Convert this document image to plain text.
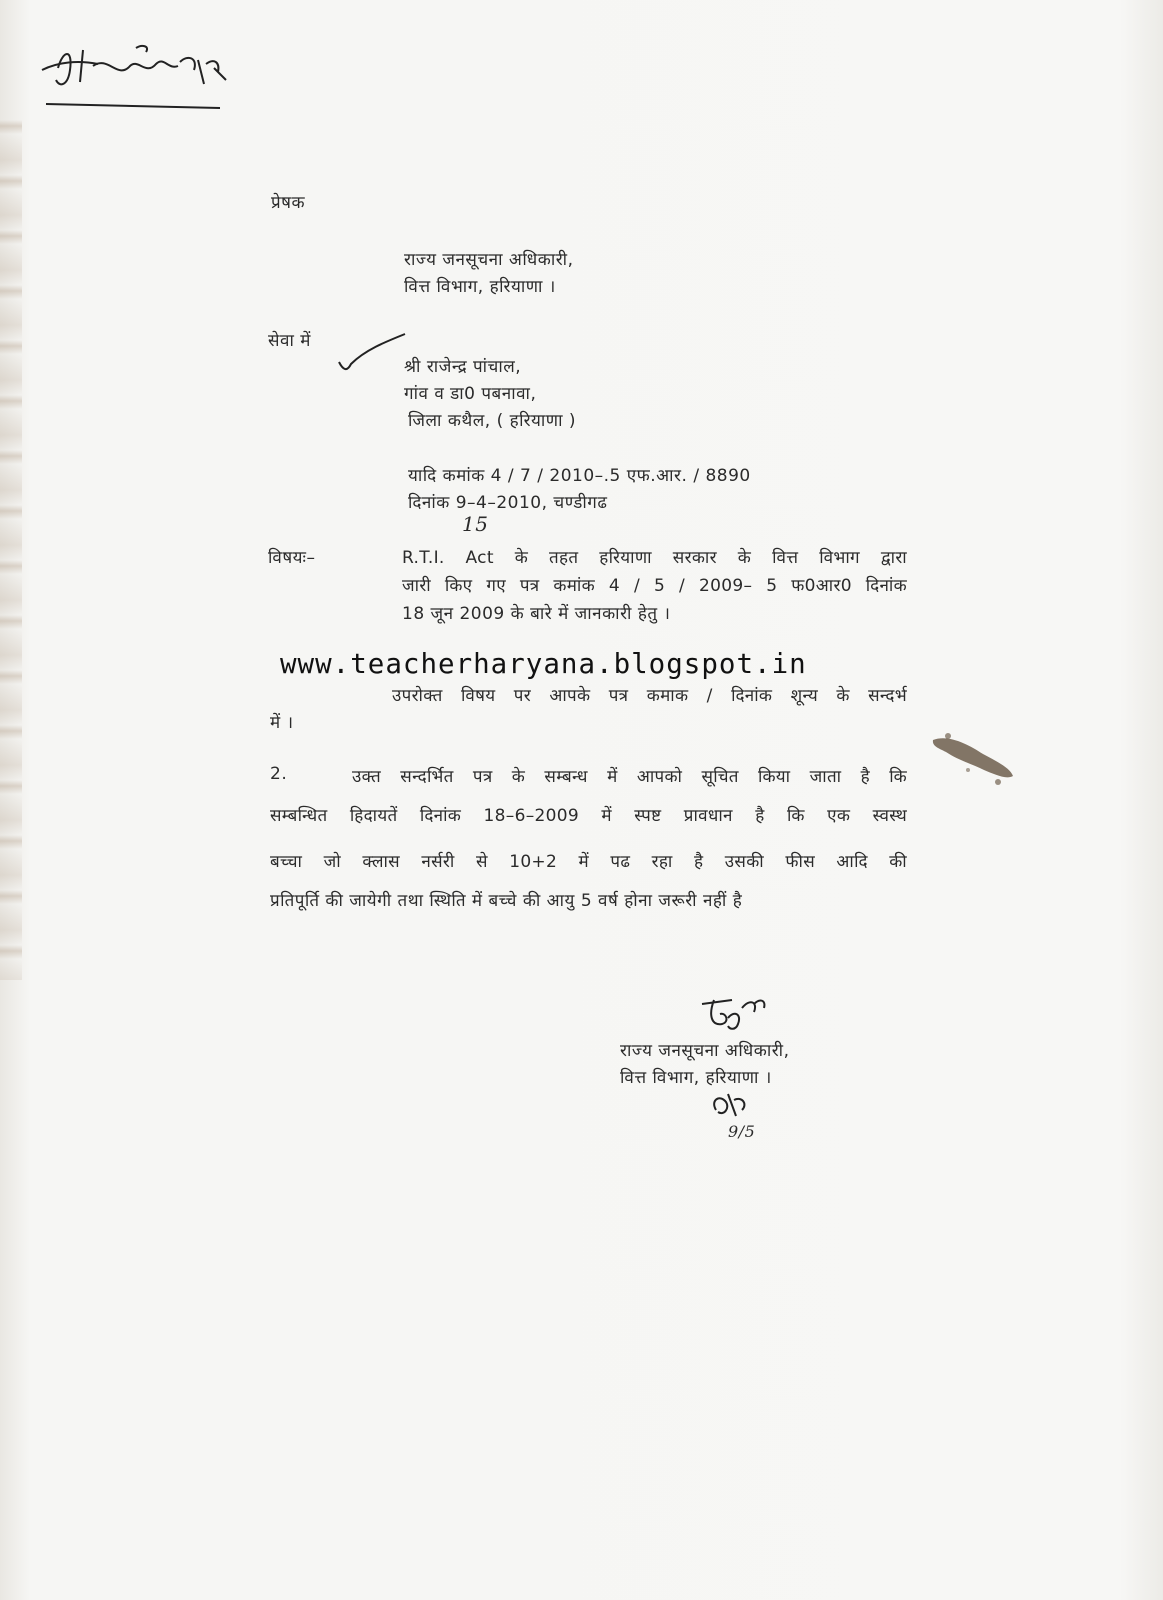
प्रेषक
राज्य जनसूचना अधिकारी,
वित्त विभाग, हरियाणा ।
सेवा में
श्री राजेन्द्र पांचाल,
गांव व डा0 पबनावा,
जिला कथैल, ( हरियाणा )
यादि कमांक 4 / 7 / 2010–.5 एफ.आर. / 8890
दिनांक 9–4–2010, चण्डीगढ
15
विषयः–	R.T.I. Act के तहत हरियाणा सरकार के वित्त विभाग द्वारा
जारी किए गए पत्र कमांक 4 / 5 / 2009– 5 फ0आर0 दिनांक
18 जून 2009 के बारे में जानकारी हेतु ।
www.teacherharyana.blogspot.in
उपरोक्त विषय पर आपके पत्र कमाक / दिनांक शून्य के सन्दर्भ
में ।
2.	उक्त सन्दर्भित पत्र के सम्बन्ध में आपको सूचित किया जाता है कि
सम्बन्धित हिदायतें दिनांक 18–6–2009 में स्पष्ट प्रावधान है कि एक स्वस्थ
बच्चा जो क्लास नर्सरी से 10+2 में पढ रहा है उसकी फीस आदि की
प्रतिपूर्ति की जायेगी तथा स्थिति में बच्चे की आयु 5 वर्ष होना जरूरी नहीं है
राज्य जनसूचना अधिकारी,
वित्त विभाग, हरियाणा ।
9/5
